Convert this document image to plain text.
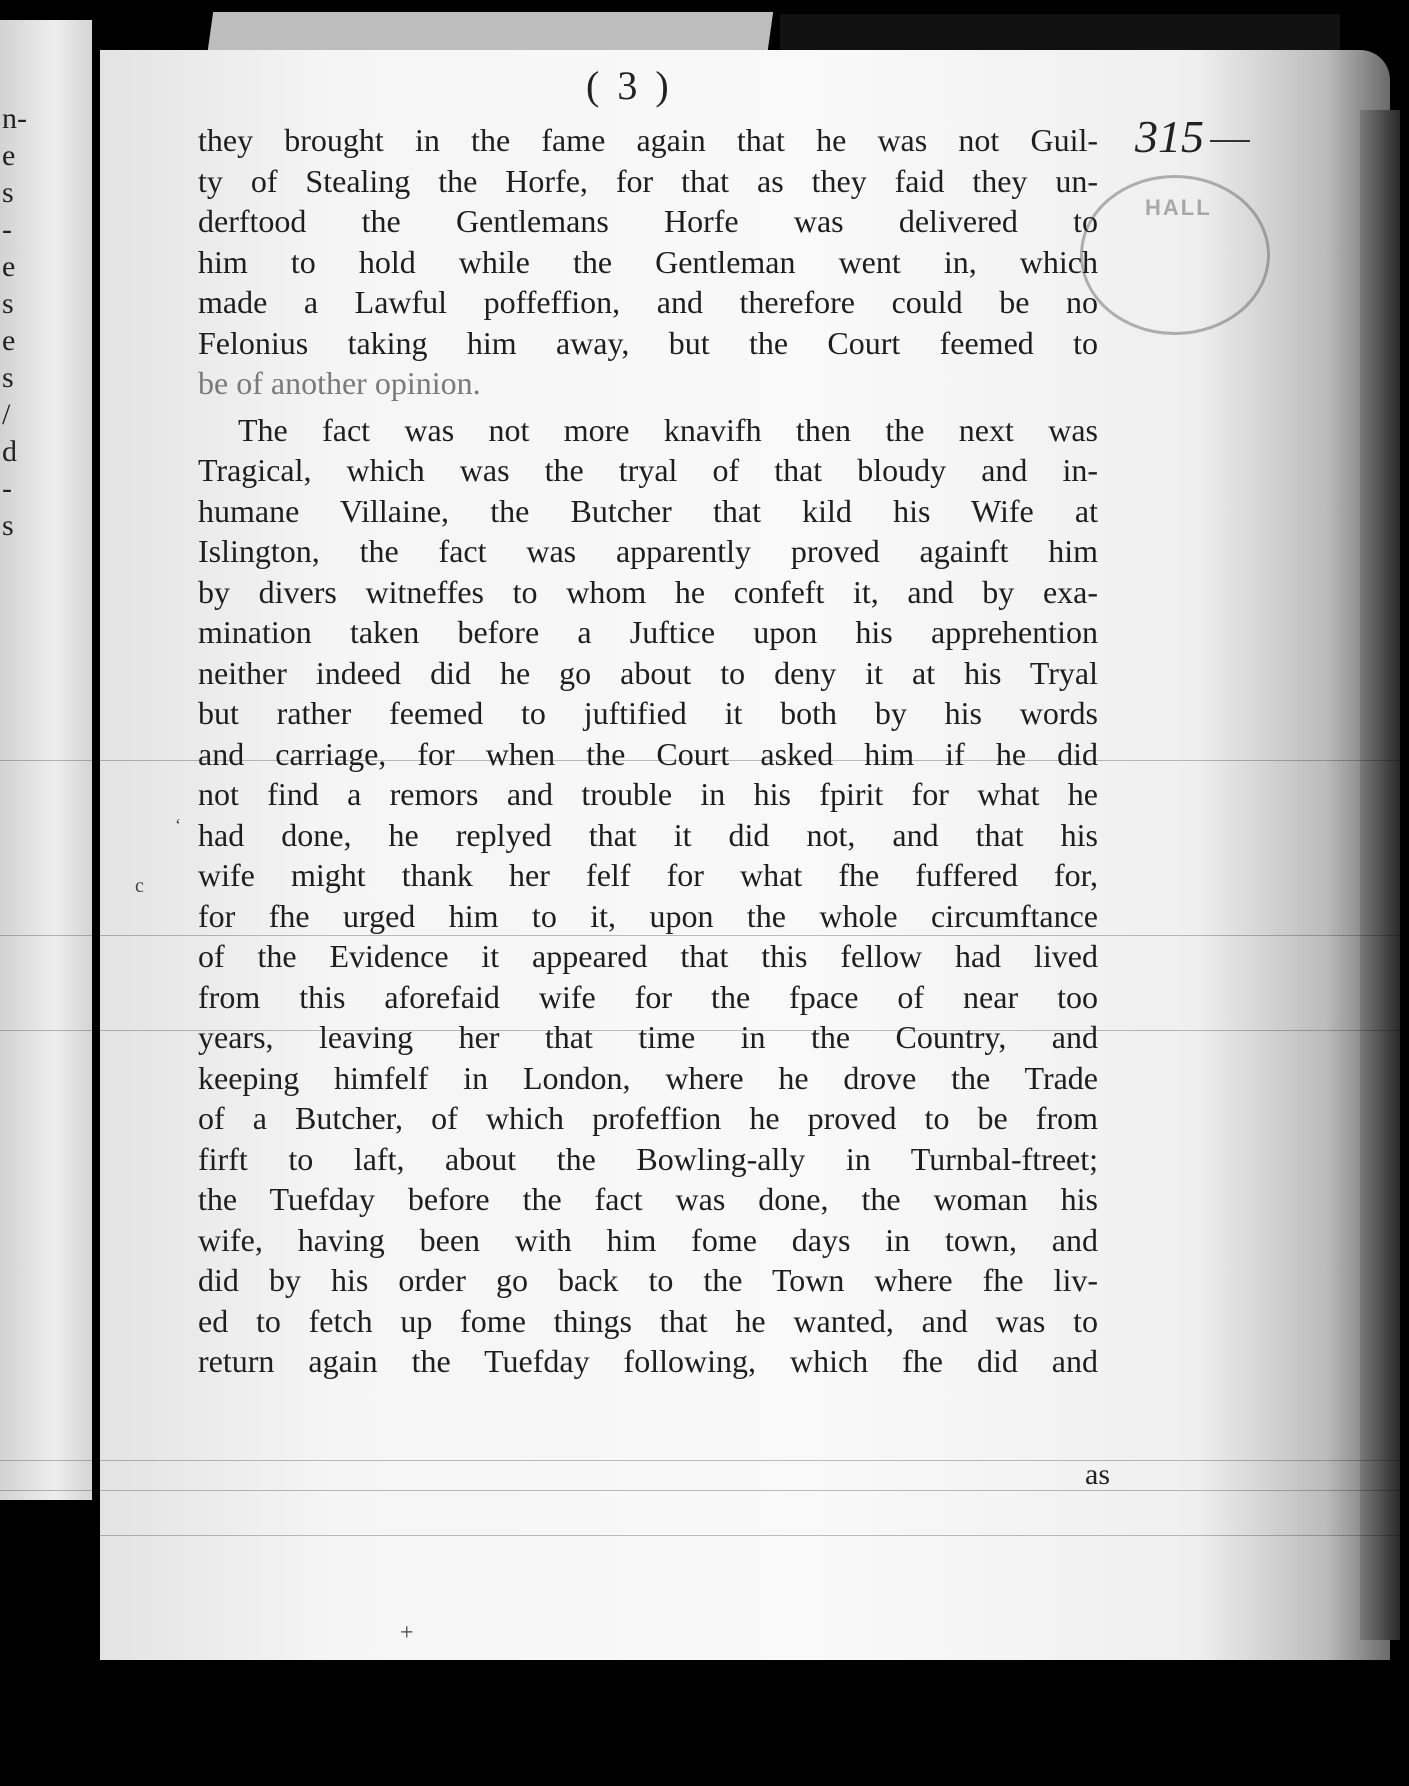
n-
e
s
-
e
s
e
s
/
d
-
s
( 3 )
315
HALL
they brought in the fame again that he was not Guil-
ty of Stealing the Horfe, for that as they faid they un-
derftood the Gentlemans Horfe was delivered to
him to hold while the Gentleman went in, which
made a Lawful poffeffion, and therefore could be no
Felonius taking him away, but the Court feemed to
be of another opinion.
The fact was not more knavifh then the next was
Tragical, which was the tryal of that bloudy and in-
humane Villaine, the Butcher that kild his Wife at
Islington, the fact was apparently proved againft him
by divers witneffes to whom he confeft it, and by exa-
mination taken before a Juftice upon his apprehention
neither indeed did he go about to deny it at his Tryal
but rather feemed to juftified it both by his words
and carriage, for when the Court asked him if he did
not find a remors and trouble in his fpirit for what he
had done, he replyed that it did not, and that his
wife might thank her felf for what fhe fuffered for,
for fhe urged him to it, upon the whole circumftance
of the Evidence it appeared that this fellow had lived
from this aforefaid wife for the fpace of near too
years, leaving her that time in the Country, and
keeping himfelf in London, where he drove the Trade
of a Butcher, of which profeffion he proved to be from
firft to laft, about the Bowling-ally in Turnbal-ftreet;
the Tuefday before the fact was done, the woman his
wife, having been with him fome days in town, and
did by his order go back to the Town where fhe liv-
ed to fetch up fome things that he wanted, and was to
return again the Tuefday following, which fhe did and
as
‘
c
+
